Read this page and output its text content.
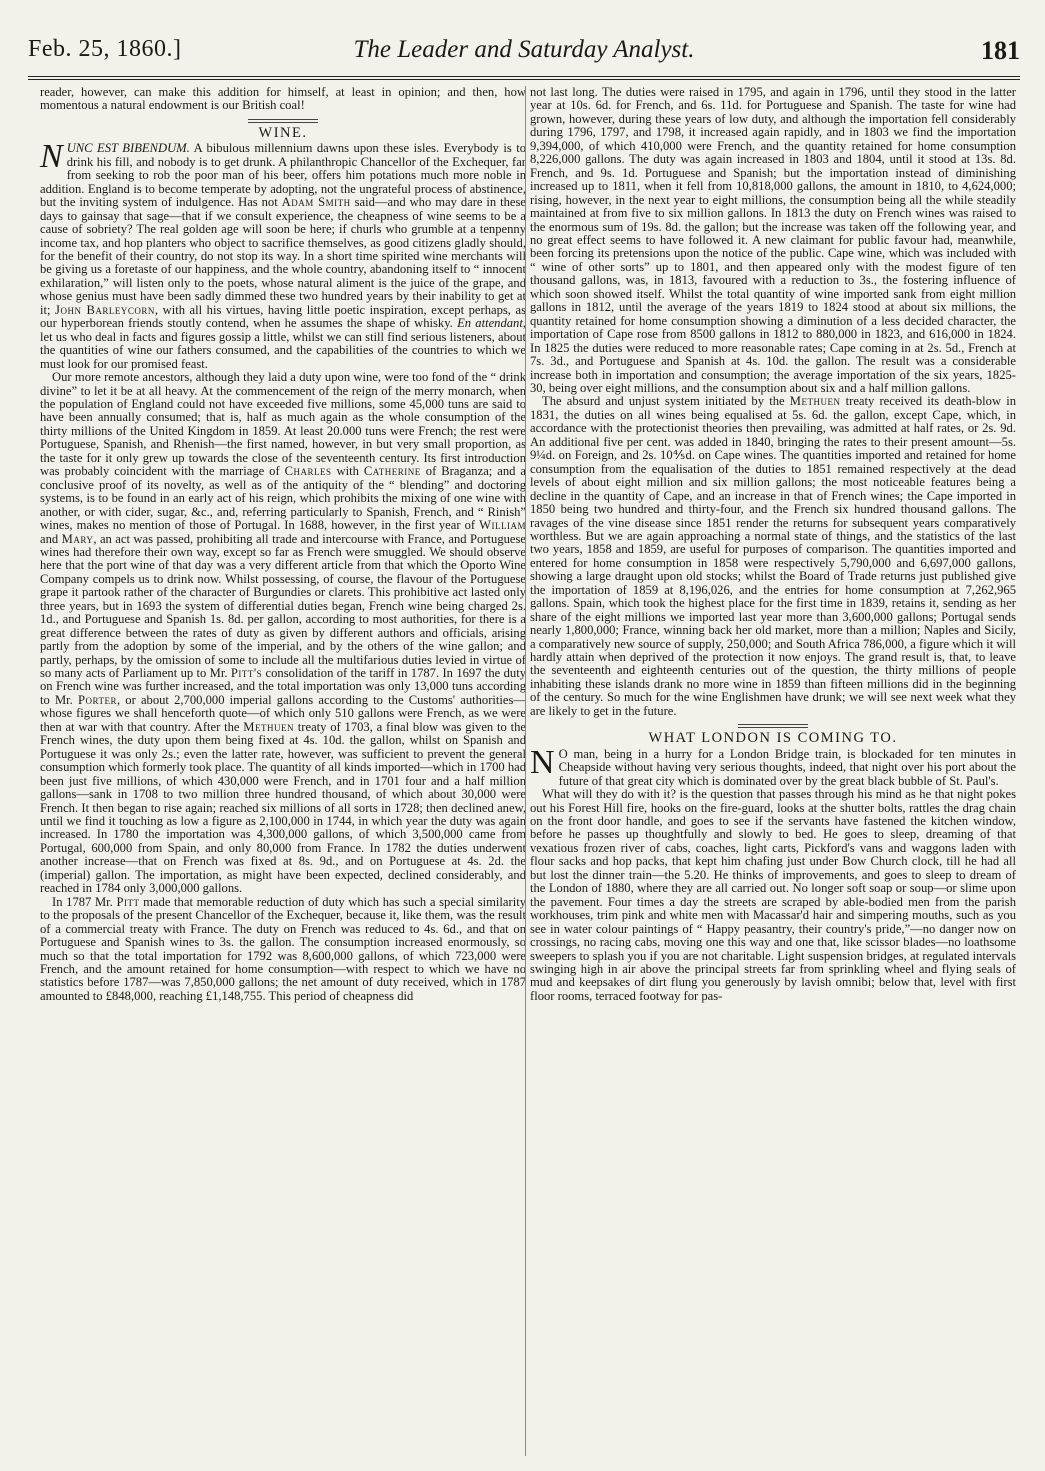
Feb. 25, 1860.]	The Leader and Saturday Analyst.	181

reader, however, can make this addition for himself, at least in opinion; and then, how momentous a natural endowment is our British coal!

WINE.

NUNC EST BIBENDUM. A bibulous millennium dawns upon these isles. Everybody is to drink his fill, and nobody is to get drunk. A philanthropic Chancellor of the Exchequer, far from seeking to rob the poor man of his beer, offers him potations much more noble in addition. England is to become temperate by adopting, not the ungrateful process of abstinence, but the inviting system of indulgence. Has not Adam Smith said—and who may dare in these days to gainsay that sage—that if we consult experience, the cheapness of wine seems to be a cause of sobriety? The real golden age will soon be here; if churls who grumble at a tenpenny income tax, and hop planters who object to sacrifice themselves, as good citizens gladly should, for the benefit of their country, do not stop its way. In a short time spirited wine merchants will be giving us a foretaste of our happiness, and the whole country, abandoning itself to “ innocent exhilaration,” will listen only to the poets, whose natural aliment is the juice of the grape, and whose genius must have been sadly dimmed these two hundred years by their inability to get at it; John Barleycorn, with all his virtues, having little poetic inspiration, except perhaps, as our hyperborean friends stoutly contend, when he assumes the shape of whisky. En attendant, let us who deal in facts and figures gossip a little, whilst we can still find serious listeners, about the quantities of wine our fathers consumed, and the capabilities of the countries to which we must look for our promised feast.

Our more remote ancestors, although they laid a duty upon wine, were too fond of the “ drink divine” to let it be at all heavy. At the commencement of the reign of the merry monarch, when the population of England could not have exceeded five millions, some 45,000 tuns are said to have been annually consumed; that is, half as much again as the whole consumption of the thirty millions of the United Kingdom in 1859. At least 20.000 tuns were French; the rest were Portuguese, Spanish, and Rhenish—the first named, however, in but very small proportion, as the taste for it only grew up towards the close of the seventeenth century. Its first introduction was probably coincident with the marriage of Charles with Catherine of Braganza; and a conclusive proof of its novelty, as well as of the antiquity of the “ blending” and doctoring systems, is to be found in an early act of his reign, which prohibits the mixing of one wine with another, or with cider, sugar, &c., and, referring particularly to Spanish, French, and “ Rinish” wines, makes no mention of those of Portugal. In 1688, however, in the first year of William and Mary, an act was passed, prohibiting all trade and intercourse with France, and Portuguese wines had therefore their own way, except so far as French were smuggled. We should observe here that the port wine of that day was a very different article from that which the Oporto Wine Company compels us to drink now. Whilst possessing, of course, the flavour of the Portuguese grape it partook rather of the character of Burgundies or clarets. This prohibitive act lasted only three years, but in 1693 the system of differential duties began, French wine being charged 2s. 1d., and Portuguese and Spanish 1s. 8d. per gallon, according to most authorities, for there is a great difference between the rates of duty as given by different authors and officials, arising partly from the adoption by some of the imperial, and by the others of the wine gallon; and partly, perhaps, by the omission of some to include all the multifarious duties levied in virtue of so many acts of Parliament up to Mr. Pitt's consolidation of the tariff in 1787. In 1697 the duty on French wine was further increased, and the total importation was only 13,000 tuns according to Mr. Porter, or about 2,700,000 imperial gallons according to the Customs' authorities—whose figures we shall henceforth quote—of which only 510 gallons were French, as we were then at war with that country. After the Methuen treaty of 1703, a final blow was given to the French wines, the duty upon them being fixed at 4s. 10d. the gallon, whilst on Spanish and Portuguese it was only 2s.; even the latter rate, however, was sufficient to prevent the general consumption which formerly took place. The quantity of all kinds imported—which in 1700 had been just five millions, of which 430,000 were French, and in 1701 four and a half million gallons—sank in 1708 to two million three hundred thousand, of which about 30,000 were French. It then began to rise again; reached six millions of all sorts in 1728; then declined anew, until we find it touching as low a figure as 2,100,000 in 1744, in which year the duty was again increased. In 1780 the importation was 4,300,000 gallons, of which 3,500,000 came from Portugal, 600,000 from Spain, and only 80,000 from France. In 1782 the duties underwent another increase—that on French was fixed at 8s. 9d., and on Portuguese at 4s. 2d. the (imperial) gallon. The importation, as might have been expected, declined considerably, and reached in 1784 only 3,000,000 gallons.

In 1787 Mr. Pitt made that memorable reduction of duty which has such a special similarity to the proposals of the present Chancellor of the Exchequer, because it, like them, was the result of a commercial treaty with France. The duty on French was reduced to 4s. 6d., and that on Portuguese and Spanish wines to 3s. the gallon. The consumption increased enormously, so much so that the total importation for 1792 was 8,600,000 gallons, of which 723,000 were French, and the amount retained for home consumption—with respect to which we have no statistics before 1787—was 7,850,000 gallons; the net amount of duty received, which in 1787 amounted to £848,000, reaching £1,148,755. This period of cheapness did

not last long. The duties were raised in 1795, and again in 1796, until they stood in the latter year at 10s. 6d. for French, and 6s. 11d. for Portuguese and Spanish. The taste for wine had grown, however, during these years of low duty, and although the importation fell considerably during 1796, 1797, and 1798, it increased again rapidly, and in 1803 we find the importation 9,394,000, of which 410,000 were French, and the quantity retained for home consumption 8,226,000 gallons. The duty was again increased in 1803 and 1804, until it stood at 13s. 8d. French, and 9s. 1d. Portuguese and Spanish; but the importation instead of diminishing increased up to 1811, when it fell from 10,818,000 gallons, the amount in 1810, to 4,624,000; rising, however, in the next year to eight millions, the consumption being all the while steadily maintained at from five to six million gallons. In 1813 the duty on French wines was raised to the enormous sum of 19s. 8d. the gallon; but the increase was taken off the following year, and no great effect seems to have followed it. A new claimant for public favour had, meanwhile, been forcing its pretensions upon the notice of the public. Cape wine, which was included with “ wine of other sorts” up to 1801, and then appeared only with the modest figure of ten thousand gallons, was, in 1813, favoured with a reduction to 3s., the fostering influence of which soon showed itself. Whilst the total quantity of wine imported sank from eight million gallons in 1812, until the average of the years 1819 to 1824 stood at about six millions, the quantity retained for home consumption showing a diminution of a less decided character, the importation of Cape rose from 8500 gallons in 1812 to 880,000 in 1823, and 616,000 in 1824. In 1825 the duties were reduced to more reasonable rates; Cape coming in at 2s. 5d., French at 7s. 3d., and Portuguese and Spanish at 4s. 10d. the gallon. The result was a considerable increase both in importation and consumption; the average importation of the six years, 1825-30, being over eight millions, and the consumption about six and a half million gallons.

The absurd and unjust system initiated by the Methuen treaty received its death-blow in 1831, the duties on all wines being equalised at 5s. 6d. the gallon, except Cape, which, in accordance with the protectionist theories then prevailing, was admitted at half rates, or 2s. 9d. An additional five per cent. was added in 1840, bringing the rates to their present amount—5s. 9¼d. on Foreign, and 2s. 10⅘d. on Cape wines. The quantities imported and retained for home consumption from the equalisation of the duties to 1851 remained respectively at the dead levels of about eight million and six million gallons; the most noticeable features being a decline in the quantity of Cape, and an increase in that of French wines; the Cape imported in 1850 being two hundred and thirty-four, and the French six hundred thousand gallons. The ravages of the vine disease since 1851 render the returns for subsequent years comparatively worthless. But we are again approaching a normal state of things, and the statistics of the last two years, 1858 and 1859, are useful for purposes of comparison. The quantities imported and entered for home consumption in 1858 were respectively 5,790,000 and 6,697,000 gallons, showing a large draught upon old stocks; whilst the Board of Trade returns just published give the importation of 1859 at 8,196,026, and the entries for home consumption at 7,262,965 gallons. Spain, which took the highest place for the first time in 1839, retains it, sending as her share of the eight millions we imported last year more than 3,600,000 gallons; Portugal sends nearly 1,800,000; France, winning back her old market, more than a million; Naples and Sicily, a comparatively new source of supply, 250,000; and South Africa 786,000, a figure which it will hardly attain when deprived of the protection it now enjoys. The grand result is, that, to leave the seventeenth and eighteenth centuries out of the question, the thirty millions of people inhabiting these islands drank no more wine in 1859 than fifteen millions did in the beginning of the century. So much for the wine Englishmen have drunk; we will see next week what they are likely to get in the future.

WHAT LONDON IS COMING TO.

N O man, being in a hurry for a London Bridge train, is blockaded for ten minutes in Cheapside without having very serious thoughts, indeed, that night over his port about the future of that great city which is dominated over by the great black bubble of St. Paul's.

What will they do with it? is the question that passes through his mind as he that night pokes out his Forest Hill fire, hooks on the fire-guard, looks at the shutter bolts, rattles the drag chain on the front door handle, and goes to see if the servants have fastened the kitchen window, before he passes up thoughtfully and slowly to bed. He goes to sleep, dreaming of that vexatious frozen river of cabs, coaches, light carts, Pickford's vans and waggons laden with flour sacks and hop packs, that kept him chafing just under Bow Church clock, till he had all but lost the dinner train—the 5.20. He thinks of improvements, and goes to sleep to dream of the London of 1880, where they are all carried out. No longer soft soap or soup—or slime upon the pavement. Four times a day the streets are scraped by able-bodied men from the parish workhouses, trim pink and white men with Macassar'd hair and simpering mouths, such as you see in water colour paintings of “ Happy peasantry, their country's pride,”—no danger now on crossings, no racing cabs, moving one this way and one that, like scissor blades—no loathsome sweepers to splash you if you are not charitable. Light suspension bridges, at regulated intervals swinging high in air above the principal streets far from sprinkling wheel and flying seals of mud and keepsakes of dirt flung you generously by lavish omnibi; below that, level with first floor rooms, terraced footway for pas-
